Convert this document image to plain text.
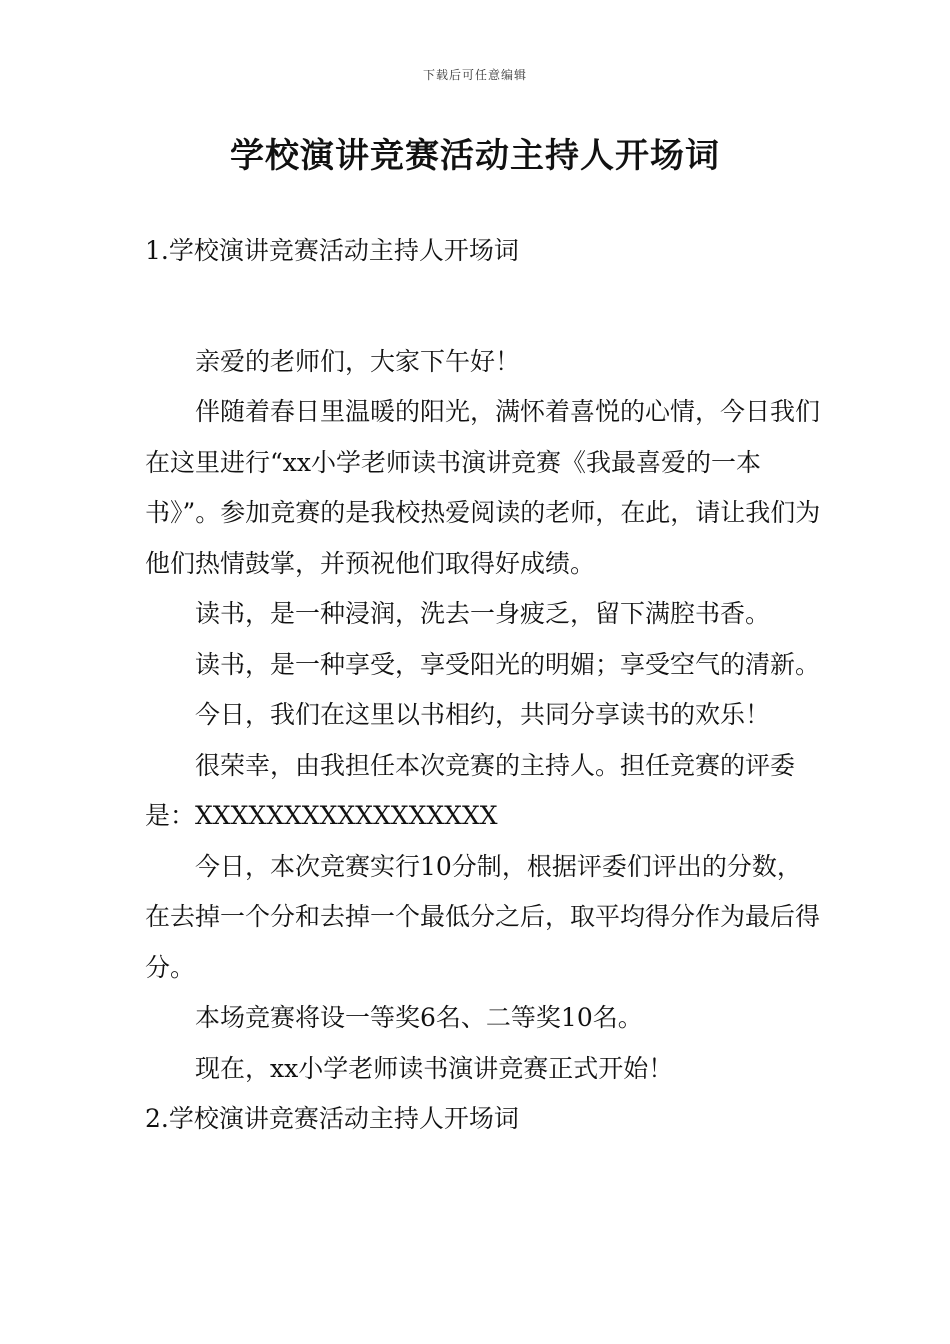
下载后可任意编辑
学校演讲竞赛活动主持人开场词
1.学校演讲竞赛活动主持人开场词

亲爱的老师们，大家下午好！

伴随着春日里温暖的阳光，满怀着喜悦的心情，今日我们在这里进行“xx小学老师读书演讲竞赛《我最喜爱的一本书》”。参加竞赛的是我校热爱阅读的老师，在此，请让我们为他们热情鼓掌，并预祝他们取得好成绩。

读书，是一种浸润，洗去一身疲乏，留下满腔书香。

读书，是一种享受，享受阳光的明媚；享受空气的清新。

今日，我们在这里以书相约，共同分享读书的欢乐！

很荣幸，由我担任本次竞赛的主持人。担任竞赛的评委是：XXXXXXXXXXXXXXXXX

今日，本次竞赛实行10分制，根据评委们评出的分数，在去掉一个分和去掉一个最低分之后，取平均得分作为最后得分。

本场竞赛将设一等奖6名、二等奖10名。

现在，xx小学老师读书演讲竞赛正式开始！

2.学校演讲竞赛活动主持人开场词
